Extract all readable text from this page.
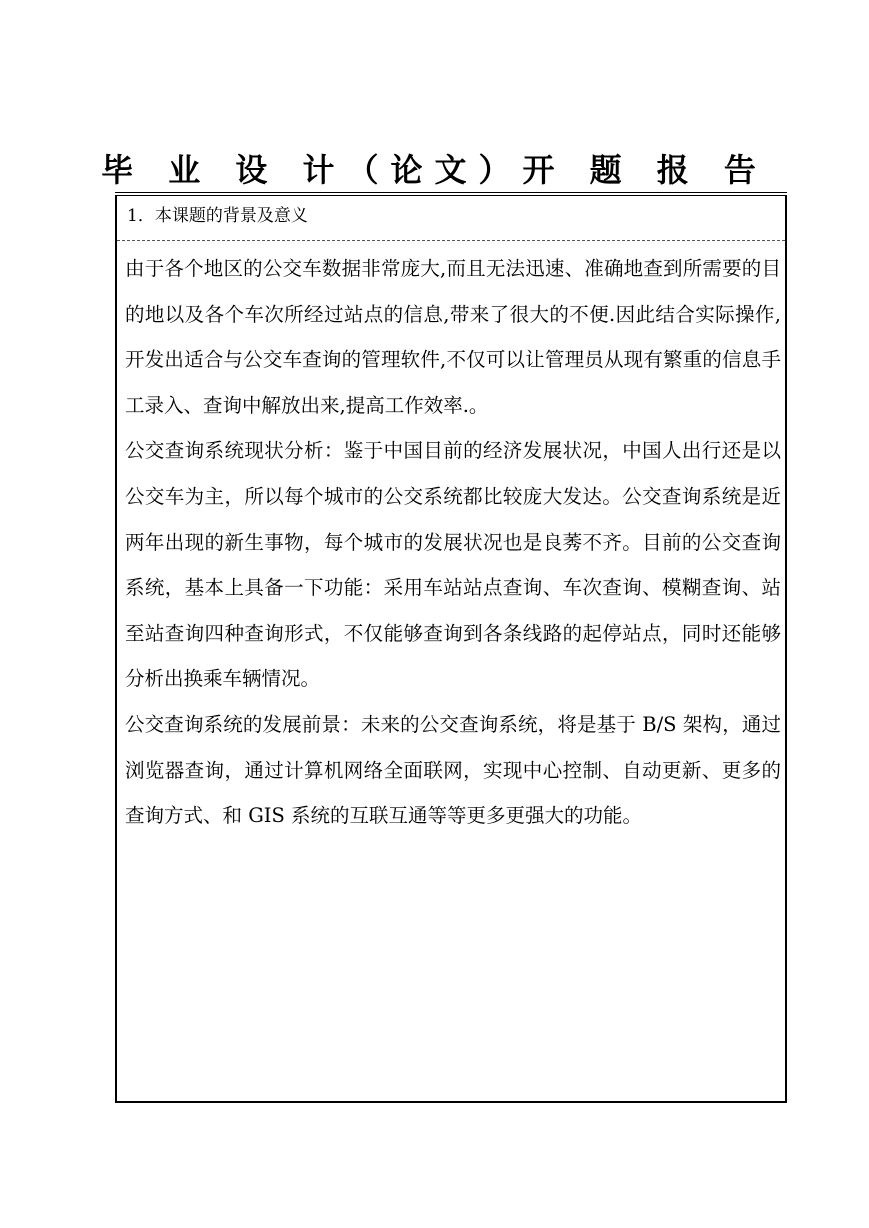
毕 业 设 计（论文）开 题 报 告
1．本课题的背景及意义

由于各个地区的公交车数据非常庞大,而且无法迅速、准确地查到所需要的目的地以及各个车次所经过站点的信息,带来了很大的不便.因此结合实际操作,开发出适合与公交车查询的管理软件,不仅可以让管理员从现有繁重的信息手工录入、查询中解放出来,提高工作效率.。

公交查询系统现状分析：鉴于中国目前的经济发展状况，中国人出行还是以公交车为主，所以每个城市的公交系统都比较庞大发达。公交查询系统是近两年出现的新生事物，每个城市的发展状况也是良莠不齐。目前的公交查询系统，基本上具备一下功能：采用车站站点查询、车次查询、模糊查询、站至站查询四种查询形式，不仅能够查询到各条线路的起停站点，同时还能够分析出换乘车辆情况。

公交查询系统的发展前景：未来的公交查询系统，将是基于 B/S 架构，通过浏览器查询，通过计算机网络全面联网，实现中心控制、自动更新、更多的查询方式、和 GIS 系统的互联互通等等更多更强大的功能。
